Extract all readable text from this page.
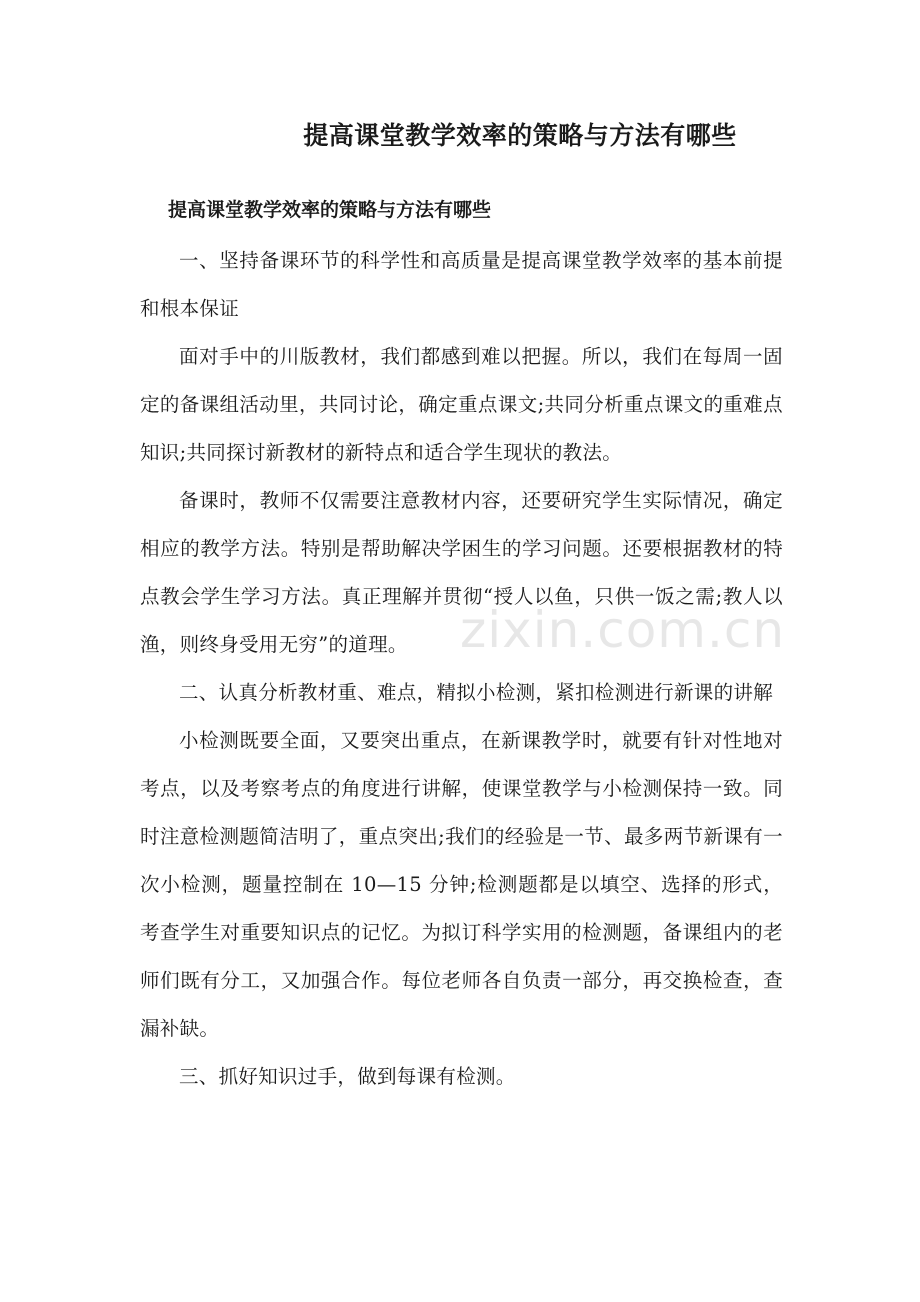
提高课堂教学效率的策略与方法有哪些
提高课堂教学效率的策略与方法有哪些

一、坚持备课环节的科学性和高质量是提高课堂教学效率的基本前提和根本保证

面对手中的川版教材，我们都感到难以把握。所以，我们在每周一固定的备课组活动里，共同讨论，确定重点课文;共同分析重点课文的重难点知识;共同探讨新教材的新特点和适合学生现状的教法。

备课时，教师不仅需要注意教材内容，还要研究学生实际情况，确定相应的教学方法。特别是帮助解决学困生的学习问题。还要根据教材的特点教会学生学习方法。真正理解并贯彻“授人以鱼，只供一饭之需;教人以渔，则终身受用无穷”的道理。

二、认真分析教材重、难点，精拟小检测，紧扣检测进行新课的讲解

小检测既要全面，又要突出重点，在新课教学时，就要有针对性地对考点，以及考察考点的角度进行讲解，使课堂教学与小检测保持一致。同时注意检测题简洁明了，重点突出;我们的经验是一节、最多两节新课有一次小检测，题量控制在 10—15 分钟;检测题都是以填空、选择的形式，考查学生对重要知识点的记忆。为拟订科学实用的检测题，备课组内的老师们既有分工，又加强合作。每位老师各自负责一部分，再交换检查，查漏补缺。

三、抓好知识过手，做到每课有检测。

zixin.com.cn
